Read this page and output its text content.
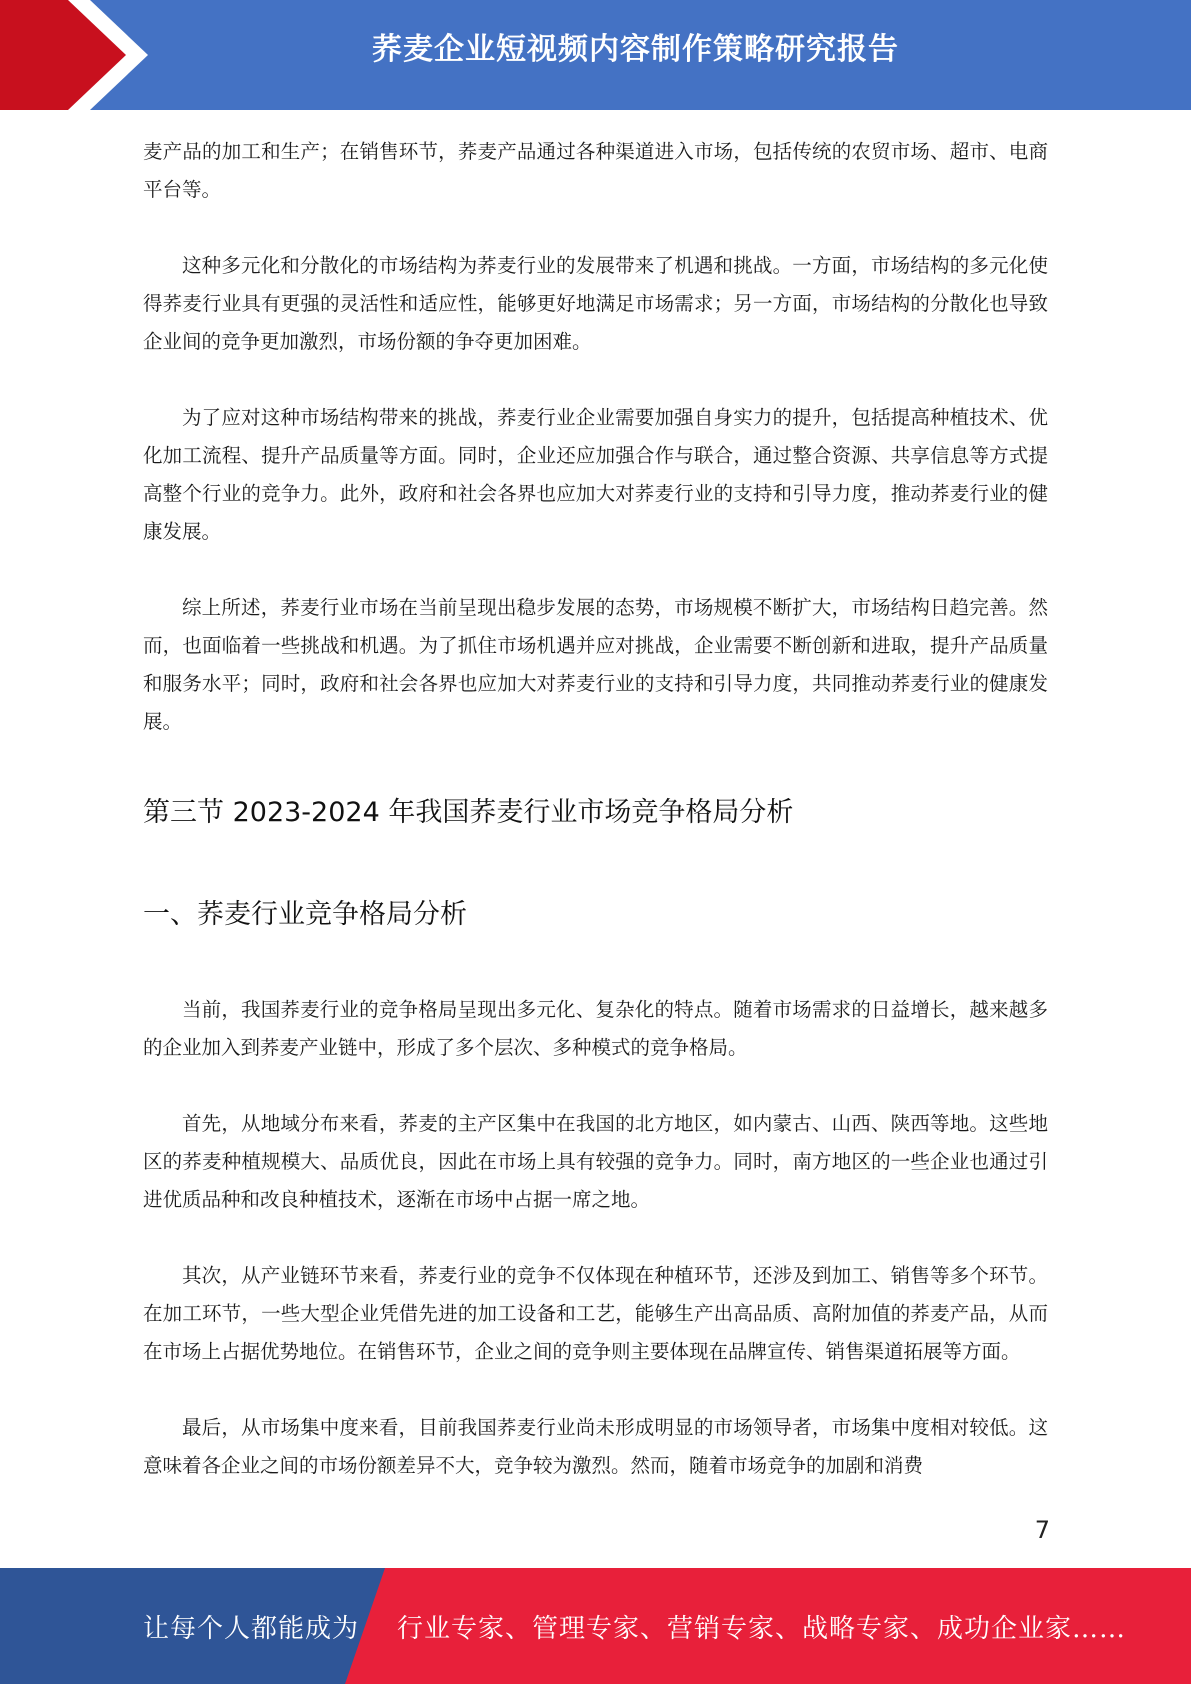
荞麦企业短视频内容制作策略研究报告

麦产品的加工和生产；在销售环节，荞麦产品通过各种渠道进入市场，包括传统的农贸市场、超市、电商平台等。

这种多元化和分散化的市场结构为荞麦行业的发展带来了机遇和挑战。一方面，市场结构的多元化使得荞麦行业具有更强的灵活性和适应性，能够更好地满足市场需求；另一方面，市场结构的分散化也导致企业间的竞争更加激烈，市场份额的争夺更加困难。

为了应对这种市场结构带来的挑战，荞麦行业企业需要加强自身实力的提升，包括提高种植技术、优化加工流程、提升产品质量等方面。同时，企业还应加强合作与联合，通过整合资源、共享信息等方式提高整个行业的竞争力。此外，政府和社会各界也应加大对荞麦行业的支持和引导力度，推动荞麦行业的健康发展。

综上所述，荞麦行业市场在当前呈现出稳步发展的态势，市场规模不断扩大，市场结构日趋完善。然而，也面临着一些挑战和机遇。为了抓住市场机遇并应对挑战，企业需要不断创新和进取，提升产品质量和服务水平；同时，政府和社会各界也应加大对荞麦行业的支持和引导力度，共同推动荞麦行业的健康发展。

第三节 2023-2024 年我国荞麦行业市场竞争格局分析
一、荞麦行业竞争格局分析

当前，我国荞麦行业的竞争格局呈现出多元化、复杂化的特点。随着市场需求的日益增长，越来越多的企业加入到荞麦产业链中，形成了多个层次、多种模式的竞争格局。

首先，从地域分布来看，荞麦的主产区集中在我国的北方地区，如内蒙古、山西、陕西等地。这些地区的荞麦种植规模大、品质优良，因此在市场上具有较强的竞争力。同时，南方地区的一些企业也通过引进优质品种和改良种植技术，逐渐在市场中占据一席之地。

其次，从产业链环节来看，荞麦行业的竞争不仅体现在种植环节，还涉及到加工、销售等多个环节。在加工环节，一些大型企业凭借先进的加工设备和工艺，能够生产出高品质、高附加值的荞麦产品，从而在市场上占据优势地位。在销售环节，企业之间的竞争则主要体现在品牌宣传、销售渠道拓展等方面。

最后，从市场集中度来看，目前我国荞麦行业尚未形成明显的市场领导者，市场集中度相对较低。这意味着各企业之间的市场份额差异不大，竞争较为激烈。然而，随着市场竞争的加剧和消费

7
让每个人都能成为 行业专家、管理专家、营销专家、战略专家、成功企业家……
